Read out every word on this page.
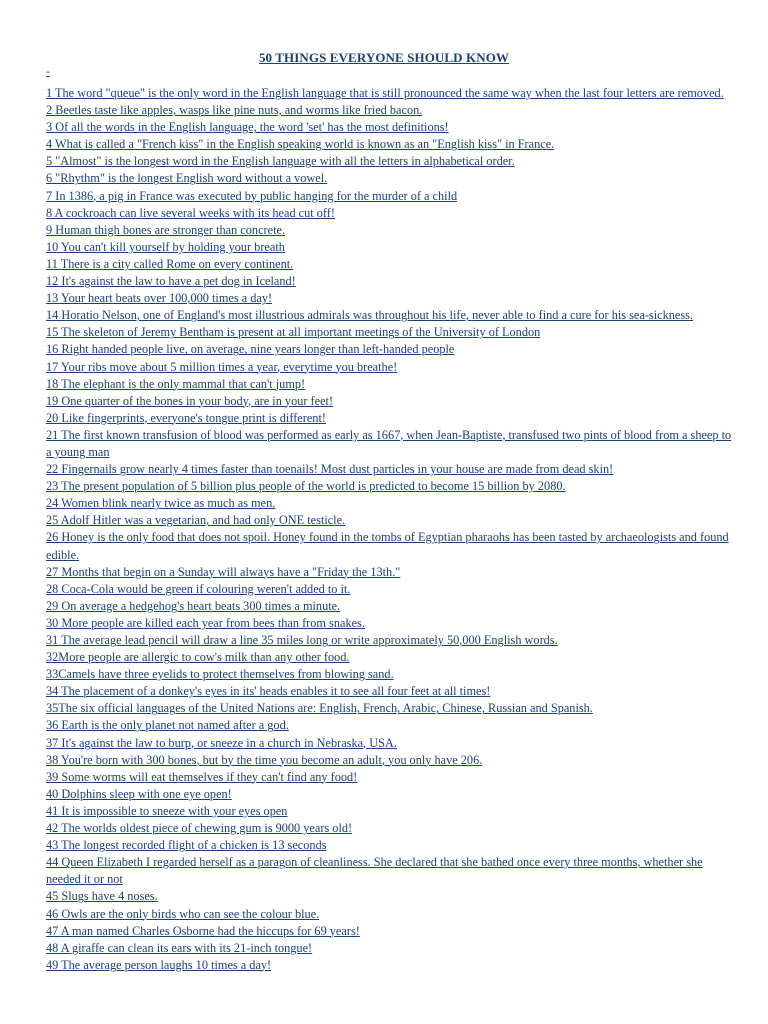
50 THINGS EVERYONE SHOULD KNOW
-
1 The word "queue" is the only word in the English language that is still pronounced the same way when the last four letters are removed.
2 Beetles taste like apples, wasps like pine nuts, and worms like fried bacon.
3 Of all the words in the English language, the word 'set' has the most definitions!
4 What is called a "French kiss" in the English speaking world is known as an "English kiss" in France.
5 "Almost" is the longest word in the English language with all the letters in alphabetical order.
6 "Rhythm" is the longest English word without a vowel.
7 In 1386, a pig in France was executed by public hanging for the murder of a child
8 A cockroach can live several weeks with its head cut off!
9 Human thigh bones are stronger than concrete.
10 You can't kill yourself by holding your breath
11 There is a city called Rome on every continent.
12 It's against the law to have a pet dog in Iceland!
13 Your heart beats over 100,000 times a day!
14 Horatio Nelson, one of England's most illustrious admirals was throughout his life, never able to find a cure for his sea-sickness.
15 The skeleton of Jeremy Bentham is present at all important meetings of the University of London
16 Right handed people live, on average, nine years longer than left-handed people
17 Your ribs move about 5 million times a year, everytime you breathe!
18 The elephant is the only mammal that can't jump!
19 One quarter of the bones in your body, are in your feet!
20 Like fingerprints, everyone's tongue print is different!
21 The first known transfusion of blood was performed as early as 1667, when Jean-Baptiste, transfused two pints of blood from a sheep to a young man
22 Fingernails grow nearly 4 times faster than toenails! Most dust particles in your house are made from dead skin!
23 The present population of 5 billion plus people of the world is predicted to become 15 billion by 2080.
24 Women blink nearly twice as much as men.
25 Adolf Hitler was a vegetarian, and had only ONE testicle.
26 Honey is the only food that does not spoil. Honey found in the tombs of Egyptian pharaohs has been tasted by archaeologists and found edible.
27 Months that begin on a Sunday will always have a "Friday the 13th."
28 Coca-Cola would be green if colouring weren't added to it.
29 On average a hedgehog's heart beats 300 times a minute.
30 More people are killed each year from bees than from snakes.
31 The average lead pencil will draw a line 35 miles long or write approximately 50,000 English words.
32More people are allergic to cow's milk than any other food.
33Camels have three eyelids to protect themselves from blowing sand.
34 The placement of a donkey's eyes in its' heads enables it to see all four feet at all times!
35The six official languages of the United Nations are: English, French, Arabic, Chinese, Russian and Spanish.
36 Earth is the only planet not named after a god.
37 It's against the law to burp, or sneeze in a church in Nebraska, USA.
38 You're born with 300 bones, but by the time you become an adult, you only have 206.
39 Some worms will eat themselves if they can't find any food!
40 Dolphins sleep with one eye open!
41 It is impossible to sneeze with your eyes open
42 The worlds oldest piece of chewing gum is 9000 years old!
43 The longest recorded flight of a chicken is 13 seconds
44 Queen Elizabeth I regarded herself as a paragon of cleanliness. She declared that she bathed once every three months, whether she needed it or not
45 Slugs have 4 noses.
46 Owls are the only birds who can see the colour blue.
47 A man named Charles Osborne had the hiccups for 69 years!
48 A giraffe can clean its ears with its 21-inch tongue!
49 The average person laughs 10 times a day!
